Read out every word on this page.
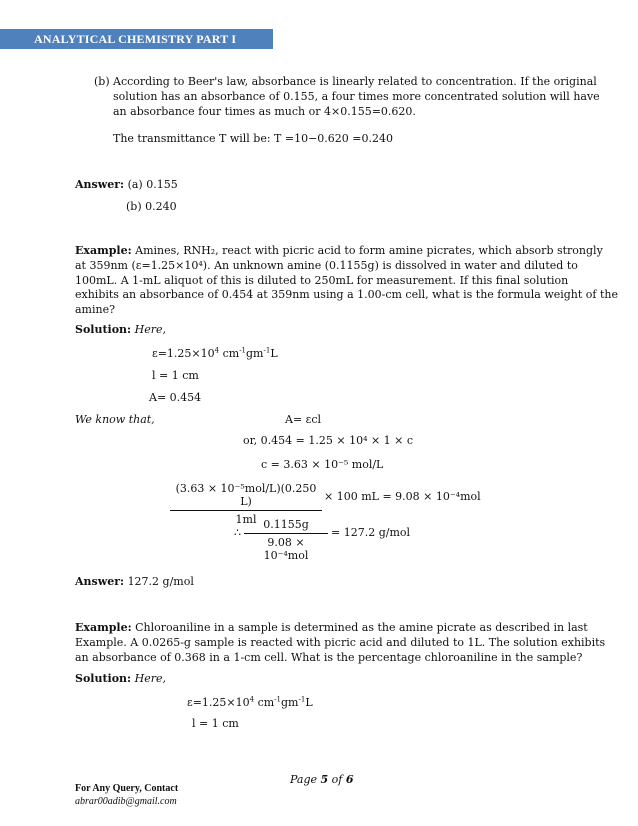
ANALYTICAL CHEMISTRY PART I
(b) According to Beer's law, absorbance is linearly related to concentration. If the original
solution has an absorbance of 0.155, a four times more concentrated solution will have
an absorbance four times as much or 4×0.155=0.620.
The transmittance T will be: T =10−0.620 =0.240
Answer: (a) 0.155
(b) 0.240
Example: Amines, RNH₂, react with picric acid to form amine picrates, which absorb strongly
at 359nm (ε=1.25×10⁴). An unknown amine (0.1155g) is dissolved in water and diluted to
100mL. A 1-mL aliquot of this is diluted to 250mL for measurement. If this final solution
exhibits an absorbance of 0.454 at 359nm using a 1.00-cm cell, what is the formula weight of the
amine?
Solution: Here,
$\varepsilon=1.25\times 10^4$ $cm^{-1}gm^{-1}L$
l = 1 cm
A= 0.454
We know that,	A= εcl
or, 0.454 = 1.25 × 10⁴ × 1 × c
c = 3.63 × 10⁻⁵ mol/L
(3.63 × 10⁻⁵mol/L)(0.250 L)
1ml
× 100 mL = 9.08 × 10⁻⁴mol
∴
0.1155g
9.08 × 10⁻⁴mol
= 127.2 g/mol
Answer: 127.2 g/mol
Example: Chloroaniline in a sample is determined as the amine picrate as described in last
Example. A 0.0265-g sample is reacted with picric acid and diluted to 1L. The solution exhibits
an absorbance of 0.368 in a 1-cm cell. What is the percentage chloroaniline in the sample?
Solution: Here,
$\varepsilon=1.25\times 10^4$ $cm^{-1}gm^{-1}L$
l = 1 cm
Page 5 of 6
For Any Query, Contact
abrar00adib@gmail.com
